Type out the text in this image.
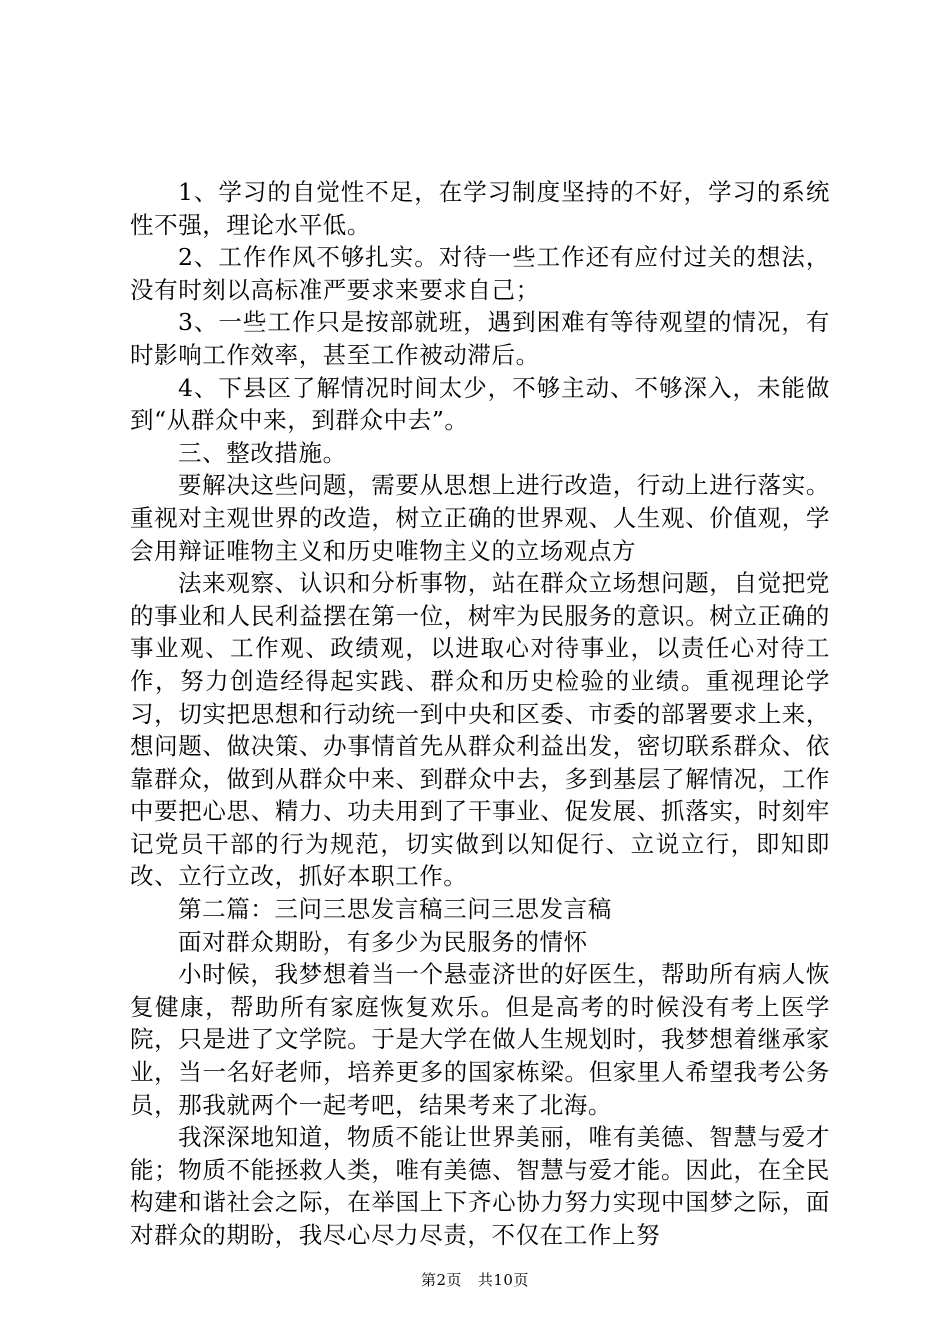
1、学习的自觉性不足，在学习制度坚持的不好，学习的系统性不强，理论水平低。

2、工作作风不够扎实。对待一些工作还有应付过关的想法，没有时刻以高标准严要求来要求自己；

3、一些工作只是按部就班，遇到困难有等待观望的情况，有时影响工作效率，甚至工作被动滞后。

4、下县区了解情况时间太少，不够主动、不够深入，未能做到“从群众中来，到群众中去”。

三、整改措施。

要解决这些问题，需要从思想上进行改造，行动上进行落实。重视对主观世界的改造，树立正确的世界观、人生观、价值观，学会用辩证唯物主义和历史唯物主义的立场观点方

法来观察、认识和分析事物，站在群众立场想问题，自觉把党的事业和人民利益摆在第一位，树牢为民服务的意识。树立正确的事业观、工作观、政绩观，以进取心对待事业，以责任心对待工作，努力创造经得起实践、群众和历史检验的业绩。重视理论学习，切实把思想和行动统一到中央和区委、市委的部署要求上来，想问题、做决策、办事情首先从群众利益出发，密切联系群众、依靠群众，做到从群众中来、到群众中去，多到基层了解情况，工作中要把心思、精力、功夫用到了干事业、促发展、抓落实，时刻牢记党员干部的行为规范，切实做到以知促行、立说立行，即知即改、立行立改，抓好本职工作。

第二篇：三问三思发言稿三问三思发言稿

面对群众期盼，有多少为民服务的情怀

小时候，我梦想着当一个悬壶济世的好医生，帮助所有病人恢复健康，帮助所有家庭恢复欢乐。但是高考的时候没有考上医学院，只是进了文学院。于是大学在做人生规划时，我梦想着继承家业，当一名好老师，培养更多的国家栋梁。但家里人希望我考公务员，那我就两个一起考吧，结果考来了北海。

我深深地知道，物质不能让世界美丽，唯有美德、智慧与爱才能；物质不能拯救人类，唯有美德、智慧与爱才能。因此，在全民构建和谐社会之际，在举国上下齐心协力努力实现中国梦之际，面对群众的期盼，我尽心尽力尽责，不仅在工作上努

第2页 共10页
